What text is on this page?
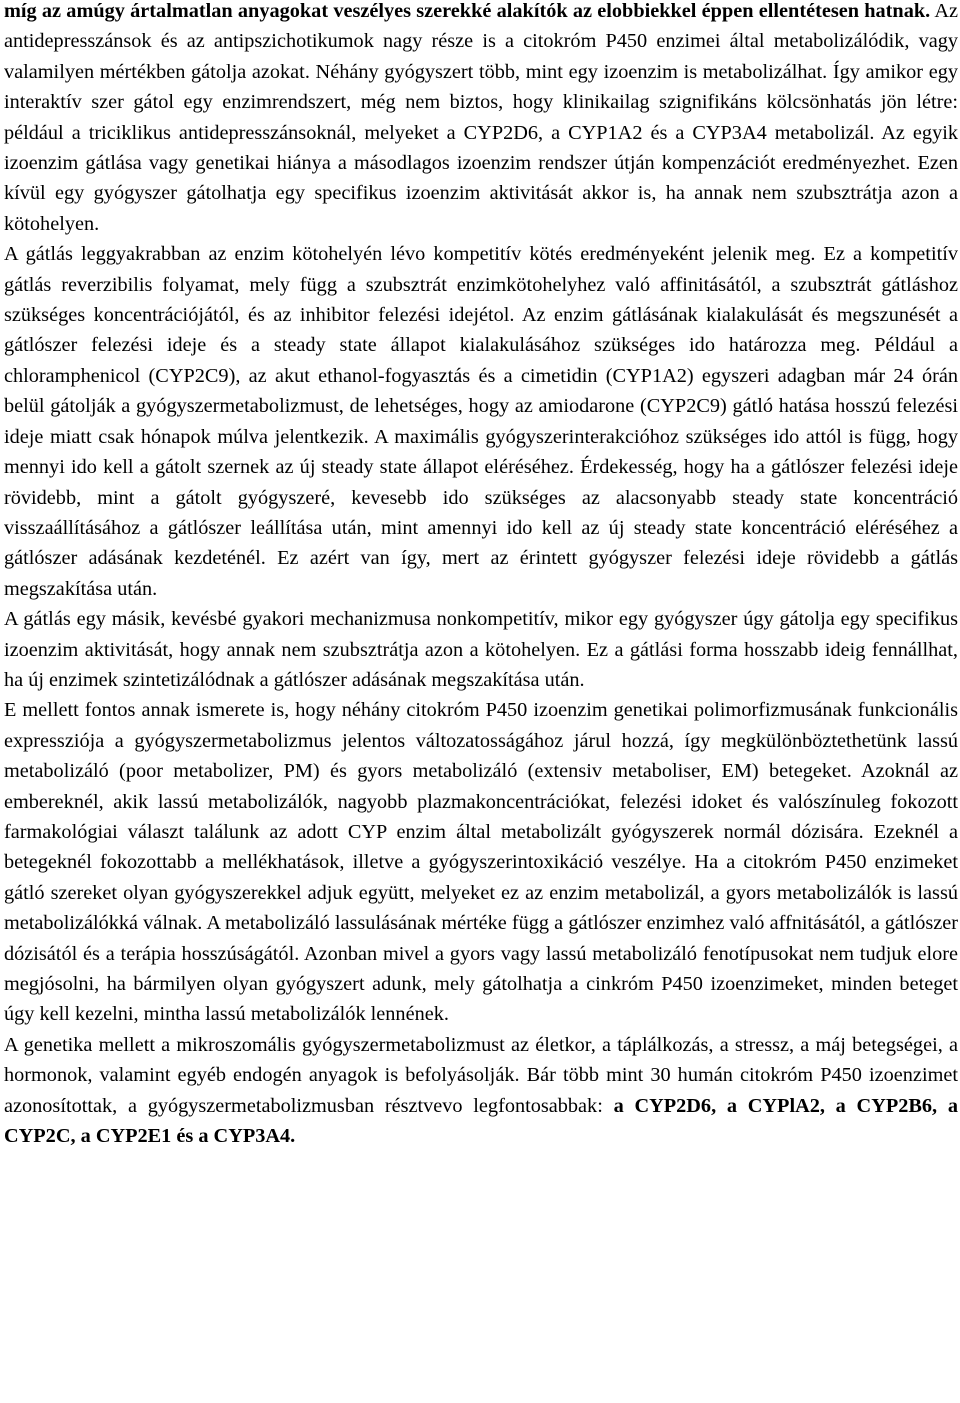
míg az amúgy ártalmatlan anyagokat veszélyes szerekké alakítók az elobbiekkel éppen ellentétesen hatnak. Az antidepresszánsok és az antipszichotikumok nagy része is a citokróm P450 enzimei által metabolizálódik, vagy valamilyen mértékben gátolja azokat. Néhány gyógyszert több, mint egy izoenzim is metabolizálhat. Így amikor egy interaktív szer gátol egy enzimrendszert, még nem biztos, hogy klinikailag szignifikáns kölcsönhatás jön létre: például a triciklikus antidepresszánsoknál, melyeket a CYP2D6, a CYP1A2 és a CYP3A4 metabolizál. Az egyik izoenzim gátlása vagy genetikai hiánya a másodlagos izoenzim rendszer útján kompenzációt eredményezhet. Ezen kívül egy gyógyszer gátolhatja egy specifikus izoenzim aktivitását akkor is, ha annak nem szubsztrátja azon a kötohelyen.

A gátlás leggyakrabban az enzim kötohelyén lévo kompetitív kötés eredményeként jelenik meg. Ez a kompetitív gátlás reverzibilis folyamat, mely függ a szubsztrát enzimkötohelyhez való affinitásától, a szubsztrát gátláshoz szükséges koncentrációjától, és az inhibitor felezési idejétol. Az enzim gátlásának kialakulását és megszunését a gátlószer felezési ideje és a steady state állapot kialakulásához szükséges ido határozza meg. Például a chloramphenicol (CYP2C9), az akut ethanol-fogyasztás és a cimetidin (CYP1A2) egyszeri adagban már 24 órán belül gátolják a gyógyszermetabolizmust, de lehetséges, hogy az amiodarone (CYP2C9) gátló hatása hosszú felezési ideje miatt csak hónapok múlva jelentkezik. A maximális gyógyszerinterakcióhoz szükséges ido attól is függ, hogy mennyi ido kell a gátolt szernek az új steady state állapot eléréséhez. Érdekesség, hogy ha a gátlószer felezési ideje rövidebb, mint a gátolt gyógyszeré, kevesebb ido szükséges az alacsonyabb steady state koncentráció visszaállításához a gátlószer leállítása után, mint amennyi ido kell az új steady state koncentráció eléréséhez a gátlószer adásának kezdeténél. Ez azért van így, mert az érintett gyógyszer felezési ideje rövidebb a gátlás megszakítása után.

A gátlás egy másik, kevésbé gyakori mechanizmusa nonkompetitív, mikor egy gyógyszer úgy gátolja egy specifikus izoenzim aktivitását, hogy annak nem szubsztrátja azon a kötohelyen. Ez a gátlási forma hosszabb ideig fennállhat, ha új enzimek szintetizálódnak a gátlószer adásának megszakítása után.

E mellett fontos annak ismerete is, hogy néhány citokróm P450 izoenzim genetikai polimorfizmusának funkcionális expressziója a gyógyszermetabolizmus jelentos változatosságához járul hozzá, így megkülönböztethetünk lassú metabolizáló (poor metabolizer, PM) és gyors metabolizáló (extensiv metaboliser, EM) betegeket. Azoknál az embereknél, akik lassú metabolizálók, nagyobb plazmakoncentrációkat, felezési idoket és valószínuleg fokozott farmakológiai választ találunk az adott CYP enzim által metabolizált gyógyszerek normál dózisára. Ezeknél a betegeknél fokozottabb a mellékhatások, illetve a gyógyszerintoxikáció veszélye. Ha a citokróm P450 enzimeket gátló szereket olyan gyógyszerekkel adjuk együtt, melyeket ez az enzim metabolizál, a gyors metabolizálók is lassú metabolizálókká válnak. A metabolizáló lassulásának mértéke függ a gátlószer enzimhez való affnitásától, a gátlószer dózisától és a terápia hosszúságától. Azonban mivel a gyors vagy lassú metabolizáló fenotípusokat nem tudjuk elore megjósolni, ha bármilyen olyan gyógyszert adunk, mely gátolhatja a cinkróm P450 izoenzimeket, minden beteget úgy kell kezelni, mintha lassú metabolizálók lennének.

A genetika mellett a mikroszomális gyógyszermetabolizmust az életkor, a táplálkozás, a stressz, a máj betegségei, a hormonok, valamint egyéb endogén anyagok is befolyásolják. Bár több mint 30 humán citokróm P450 izoenzimet azonosítottak, a gyógyszermetabolizmusban résztvevo legfontosabbak: a CYP2D6, a CYPlA2, a CYP2B6, a CYP2C, a CYP2E1 és a CYP3A4.
